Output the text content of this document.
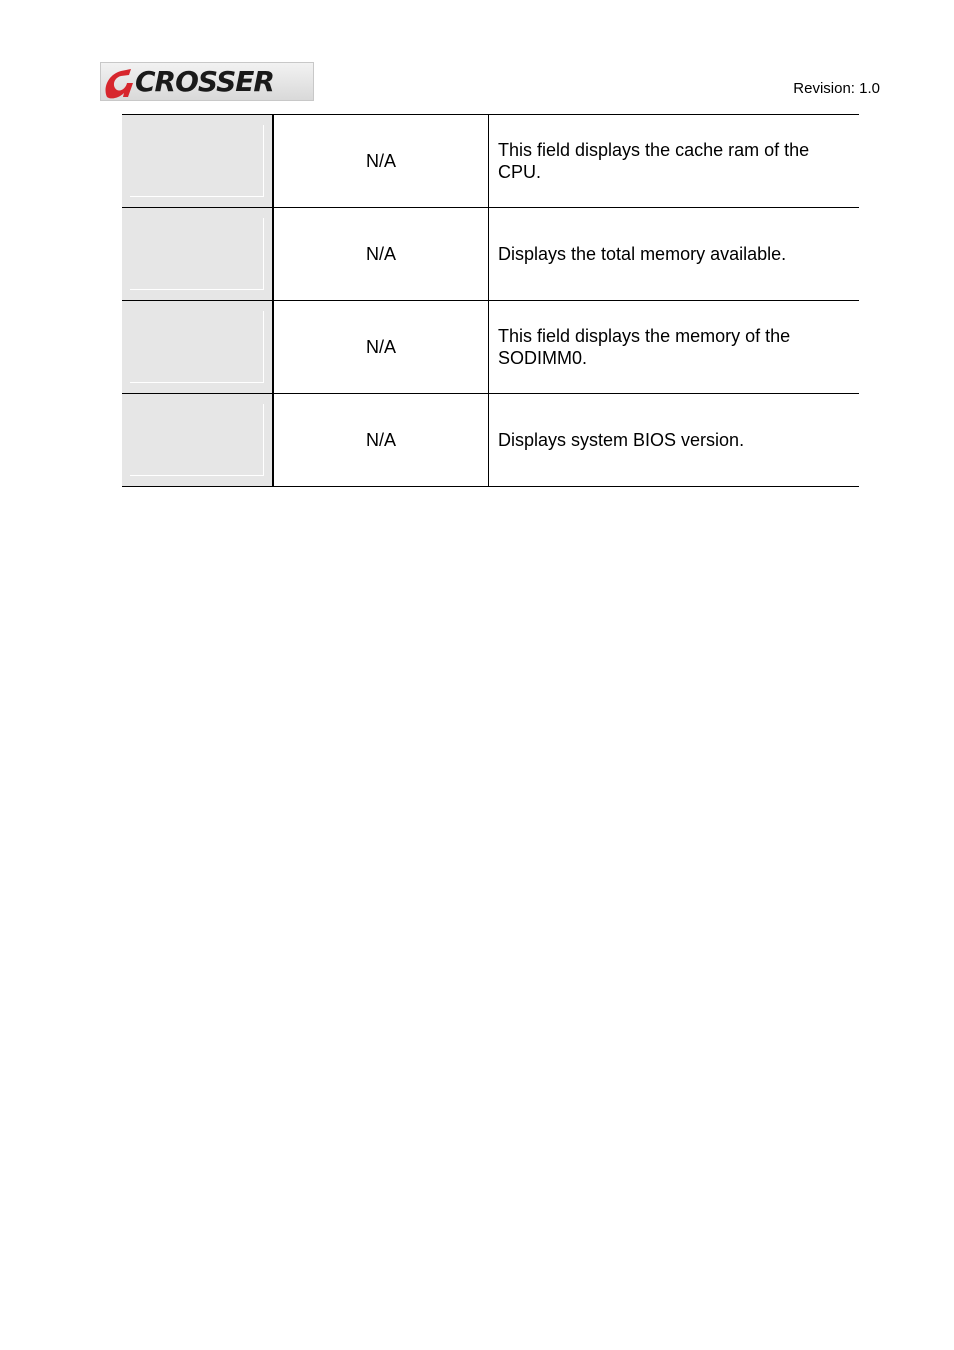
CROSSER	Revision: 1.0
	N/A	This field displays the cache ram of the CPU.

	N/A	Displays the total memory available.

	N/A	This field displays the memory of the SODIMM0.

	N/A	Displays system BIOS version.
